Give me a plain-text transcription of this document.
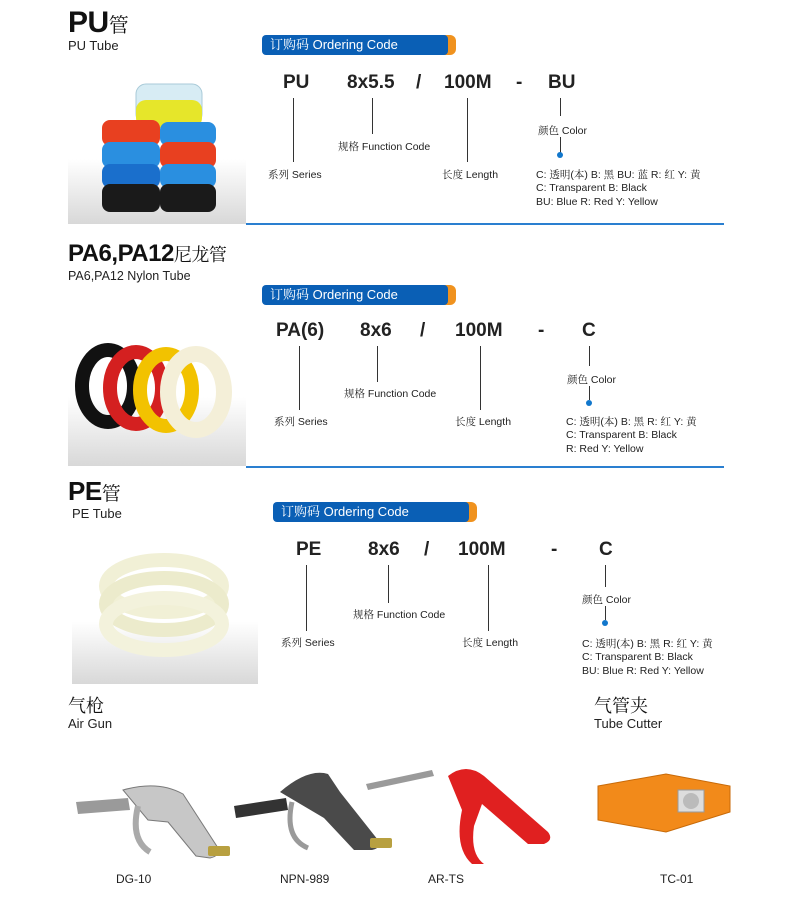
PU管
PU Tube	订购码 Ordering Code
PU 8x5.5 / 100M - BU
系列 Series
规格 Function Code
长度 Length
颜色 Color
C: 透明(本) B: 黑 BU: 蓝 R: 红 Y: 黄
C: Transparent B: Black
BU: Blue R: Red Y: Yellow
PA6,PA12尼龙管
PA6,PA12 Nylon Tube
订购码 Ordering Code
PA(6) 8x6 / 100M - C
系列 Series
规格 Function Code
长度 Length
颜色 Color
C: 透明(本) B: 黑 R: 红 Y: 黄
C: Transparent B: Black
R: Red Y: Yellow
PE管
PE Tube	订购码 Ordering Code
PE 8x6 / 100M - C
系列 Series
规格 Function Code
长度 Length
颜色 Color
C: 透明(本) B: 黑 R: 红 Y: 黄
C: Transparent B: Black
BU: Blue R: Red Y: Yellow
气枪
Air Gun
气管夹
Tube Cutter
DG-10	NPN-989	AR-TS	TC-01
